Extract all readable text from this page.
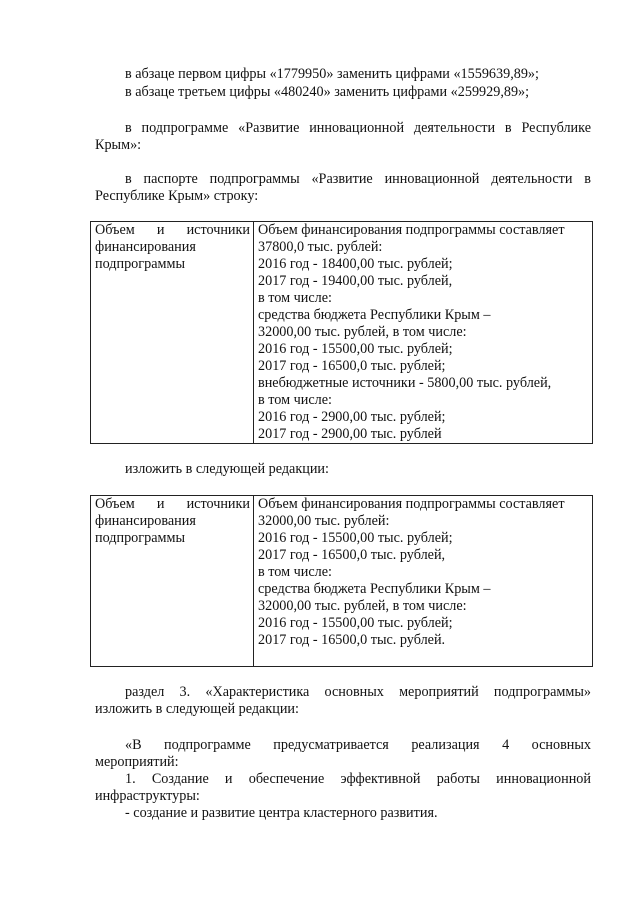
в абзаце первом цифры «1779950» заменить цифрами «1559639,89»;

в абзаце третьем цифры «480240» заменить цифрами «259929,89»;

в подпрограмме «Развитие инновационной деятельности в Республике
Крым»:
в паспорте подпрограммы «Развитие инновационной деятельности в
Республике Крым» строку:
Объем и источники
финансирования
подпрограммы

Объем финансирования подпрограммы составляет
37800,0 тыс. рублей:
2016 год - 18400,00 тыс. рублей;
2017 год - 19400,00 тыс. рублей,
в том числе:
средства бюджета Республики Крым –
32000,00 тыс. рублей, в том числе:
2016 год - 15500,00 тыс. рублей;
2017 год - 16500,0 тыс. рублей;
внебюджетные источники - 5800,00 тыс. рублей,
в том числе:
2016 год - 2900,00 тыс. рублей;
2017 год - 2900,00 тыс. рублей

изложить в следующей редакции:

Объем и источники
финансирования
подпрограммы

Объем финансирования подпрограммы составляет
32000,00 тыс. рублей:
2016 год - 15500,00 тыс. рублей;
2017 год - 16500,0 тыс. рублей,
в том числе:
средства бюджета Республики Крым –
32000,00 тыс. рублей, в том числе:
2016 год - 15500,00 тыс. рублей;
2017 год - 16500,0 тыс. рублей.
раздел 3. «Характеристика основных мероприятий подпрограммы»
изложить в следующей редакции:
«В подпрограмме предусматривается реализация 4 основных
мероприятий:
1. Создание и обеспечение эффективной работы инновационной
инфраструктуры:

- создание и развитие центра кластерного развития.
